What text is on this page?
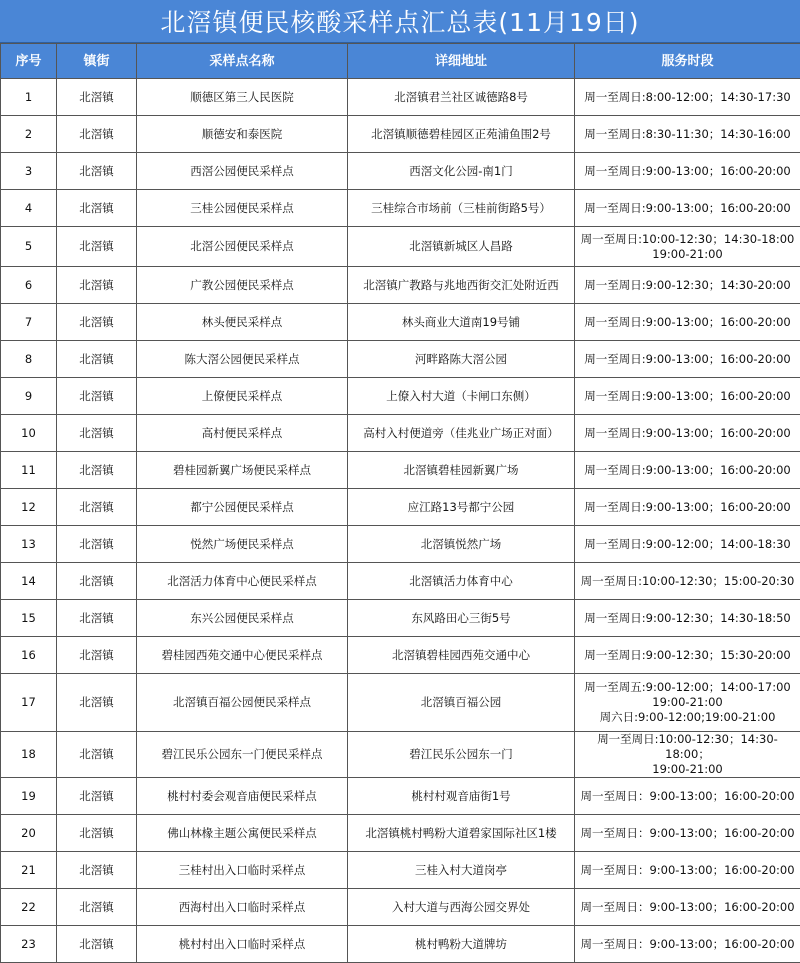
北滘镇便民核酸采样点汇总表(11月19日)
序号	镇街	采样点名称	详细地址	服务时段
1	北滘镇	顺德区第三人民医院	北滘镇君兰社区诚德路8号	周一至周日:8:00-12:00；14:30-17:30

2	北滘镇	顺德安和泰医院	北滘镇顺德碧桂园区正苑浦鱼围2号	周一至周日:8:30-11:30；14:30-16:00

3	北滘镇	西滘公园便民采样点	西滘文化公园-南1门	周一至周日:9:00-13:00；16:00-20:00

4	北滘镇	三桂公园便民采样点	三桂综合市场前（三桂前街路5号）	周一至周日:9:00-13:00；16:00-20:00

5	北滘镇	北滘公园便民采样点	北滘镇新城区人昌路	周一至周日:10:00-12:30；14:30-18:00
19:00-21:00

6	北滘镇	广教公园便民采样点	北滘镇广教路与兆地西街交汇处附近西	周一至周日:9:00-12:30；14:30-20:00

7	北滘镇	林头便民采样点	林头商业大道南19号铺	周一至周日:9:00-13:00；16:00-20:00

8	北滘镇	陈大滘公园便民采样点	河畔路陈大滘公园	周一至周日:9:00-13:00；16:00-20:00

9	北滘镇	上僚便民采样点	上僚入村大道（卡闸口东侧）	周一至周日:9:00-13:00；16:00-20:00

10	北滘镇	高村便民采样点	高村入村便道旁（佳兆业广场正对面）	周一至周日:9:00-13:00；16:00-20:00

11	北滘镇	碧桂园新翼广场便民采样点	北滘镇碧桂园新翼广场	周一至周日:9:00-13:00；16:00-20:00

12	北滘镇	都宁公园便民采样点	应江路13号都宁公园	周一至周日:9:00-13:00；16:00-20:00

13	北滘镇	悦然广场便民采样点	北滘镇悦然广场	周一至周日:9:00-12:00；14:00-18:30

14	北滘镇	北滘活力体育中心便民采样点	北滘镇活力体育中心	周一至周日:10:00-12:30；15:00-20:30

15	北滘镇	东兴公园便民采样点	东风路田心三街5号	周一至周日:9:00-12:30；14:30-18:50

16	北滘镇	碧桂园西苑交通中心便民采样点	北滘镇碧桂园西苑交通中心	周一至周日:9:00-12:30；15:30-20:00

17	北滘镇	北滘镇百福公园便民采样点	北滘镇百福公园	周一至周五:9:00-12:00；14:00-17:00
19:00-21:00
周六日:9:00-12:00;19:00-21:00

18	北滘镇	碧江民乐公园东一门便民采样点	碧江民乐公园东一门	周一至周日:10:00-12:30；14:30-18:00；
19:00-21:00

19	北滘镇	桃村村委会观音庙便民采样点	桃村村观音庙街1号	周一至周日：9:00-13:00；16:00-20:00

20	北滘镇	佛山林椽主题公寓便民采样点	北滘镇桃村鸭粉大道碧家国际社区1楼	周一至周日：9:00-13:00；16:00-20:00

21	北滘镇	三桂村出入口临时采样点	三桂入村大道岗亭	周一至周日：9:00-13:00；16:00-20:00

22	北滘镇	西海村出入口临时采样点	入村大道与西海公园交界处	周一至周日：9:00-13:00；16:00-20:00

23	北滘镇	桃村村出入口临时采样点	桃村鸭粉大道牌坊	周一至周日：9:00-13:00；16:00-20:00
